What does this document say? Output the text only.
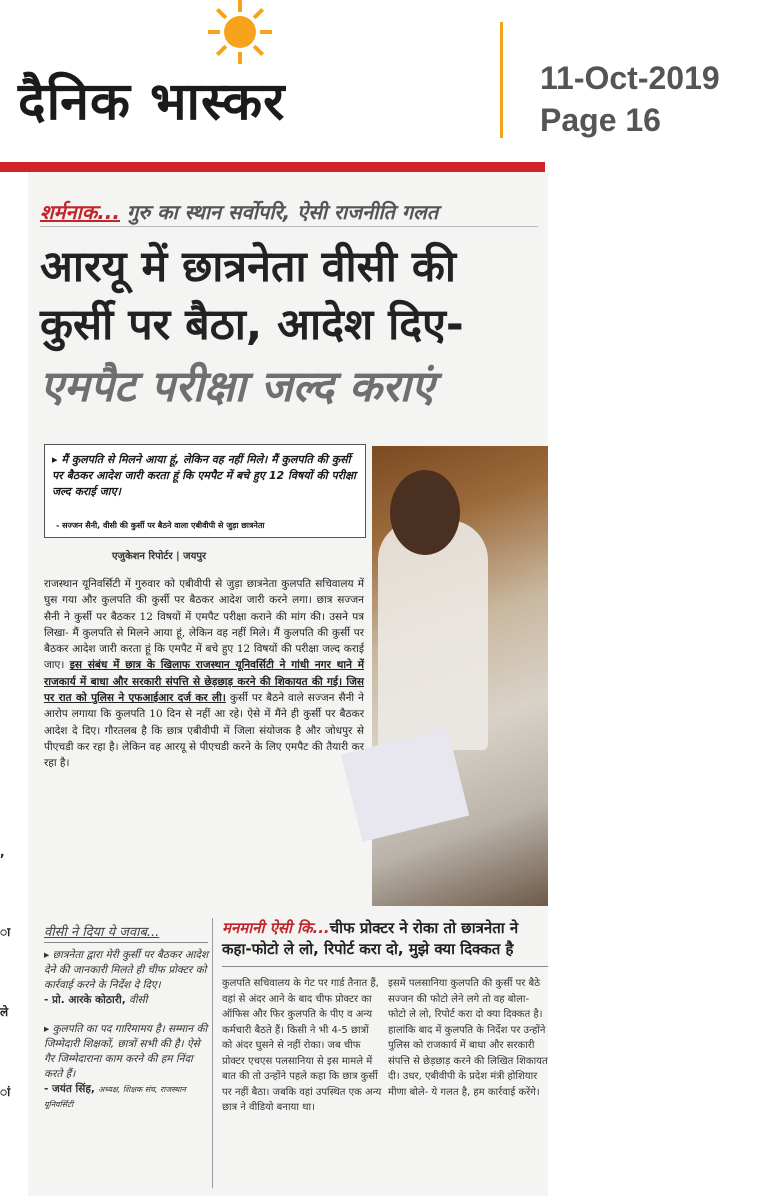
दैनिक भास्कर	11-Oct-2019
Page 16
, ा ले ां
शर्मनाक... गुरु का स्थान सर्वोपरि, ऐसी राजनीति गलत
आरयू में छात्रनेता वीसी की
कुर्सी पर बैठा, आदेश दिए-
एमपैट परीक्षा जल्द कराएं
▸ मैं कुलपति से मिलने आया हूं, लेकिन वह नहीं मिले। मैं कुलपति की कुर्सी पर बैठकर आदेश जारी करता हूं कि एमपैट में बचे हुए 12 विषयों की परीक्षा जल्द कराई जाए।
- सज्जन सैनी, वीसी की कुर्सी पर बैठने वाला एबीवीपी से जुड़ा छात्रनेता
एजुकेशन रिपोर्टर | जयपुर
राजस्थान यूनिवर्सिटी में गुरुवार को एबीवीपी से जुड़ा छात्रनेता कुलपति सचिवालय में घुस गया और कुलपति की कुर्सी पर बैठकर आदेश जारी करने लगा। छात्र सज्जन सैनी ने कुर्सी पर बैठकर 12 विषयों में एमपैट परीक्षा कराने की मांग की। उसने पत्र लिखा- मैं कुलपति से मिलने आया हूं, लेकिन वह नहीं मिले। मैं कुलपति की कुर्सी पर बैठकर आदेश जारी करता हूं कि एमपैट में बचे हुए 12 विषयों की परीक्षा जल्द कराई जाए। इस संबंध में छात्र के खिलाफ राजस्थान यूनिवर्सिटी ने गांधी नगर थाने में राजकार्य में बाधा और सरकारी संपत्ति से छेड़छाड़ करने की शिकायत की गई। जिस पर रात को पुलिस ने एफआईआर दर्ज कर ली। कुर्सी पर बैठने वाले सज्जन सैनी ने आरोप लगाया कि कुलपति 10 दिन से नहीं आ रहे। ऐसे में मैंने ही कुर्सी पर बैठकर आदेश दे दिए। गौरतलब है कि छात्र एबीवीपी में जिला संयोजक है और जोधपुर से पीएचडी कर रहा है। लेकिन वह आरयू से पीएचडी करने के लिए एमपैट की तैयारी कर रहा है।
वीसी ने दिया ये जवाब...
▸ छात्रनेता द्वारा मेरी कुर्सी पर बैठकर आदेश देने की जानकारी मिलते ही चीफ प्रोक्टर को कार्रवाई करने के निर्देश दे दिए।
- प्रो. आरके कोठारी, वीसी
▸ कुलपति का पद गारिमामय है। सम्मान की जिम्मेदारी शिक्षकों, छात्रों सभी की है। ऐसे गैर जिम्मेदाराना काम करने की हम निंदा करते हैं।
- जयंत सिंह, अध्यक्ष, शिक्षक संघ, राजस्थान यूनिवर्सिटी
मनमानी ऐसी कि...चीफ प्रोक्टर ने रोका तो छात्रनेता ने कहा-फोटो ले लो, रिपोर्ट करा दो, मुझे क्या दिक्कत है
कुलपति सचिवालय के गेट पर गार्ड तैनात हैं, वहां से अंदर आने के बाद चीफ प्रोक्टर का ऑफिस और फिर कुलपति के पीए व अन्य कर्मचारी बैठते हैं। किसी ने भी 4-5 छात्रों को अंदर घुसने से नहीं रोका। जब चीफ प्रोक्टर एचएस पलसानिया से इस मामले में बात की तो उन्होंने पहले कहा कि छात्र कुर्सी पर नहीं बैठा। जबकि वहां उपस्थित एक अन्य छात्र ने वीडियो बनाया था।
इसमें पलसानिया कुलपति की कुर्सी पर बैठे सज्जन की फोटो लेने लगे तो वह बोला- फोटो ले लो, रिपोर्ट करा दो क्या दिक्कत है। हालांकि बाद में कुलपति के निर्देश पर उन्होंने पुलिस को राजकार्य में बाधा और सरकारी संपत्ति से छेड़छाड़ करने की लिखित शिकायत दी। उधर, एबीवीपी के प्रदेश मंत्री होशियार मीणा बोले- ये गलत है, हम कार्रवाई करेंगे।
